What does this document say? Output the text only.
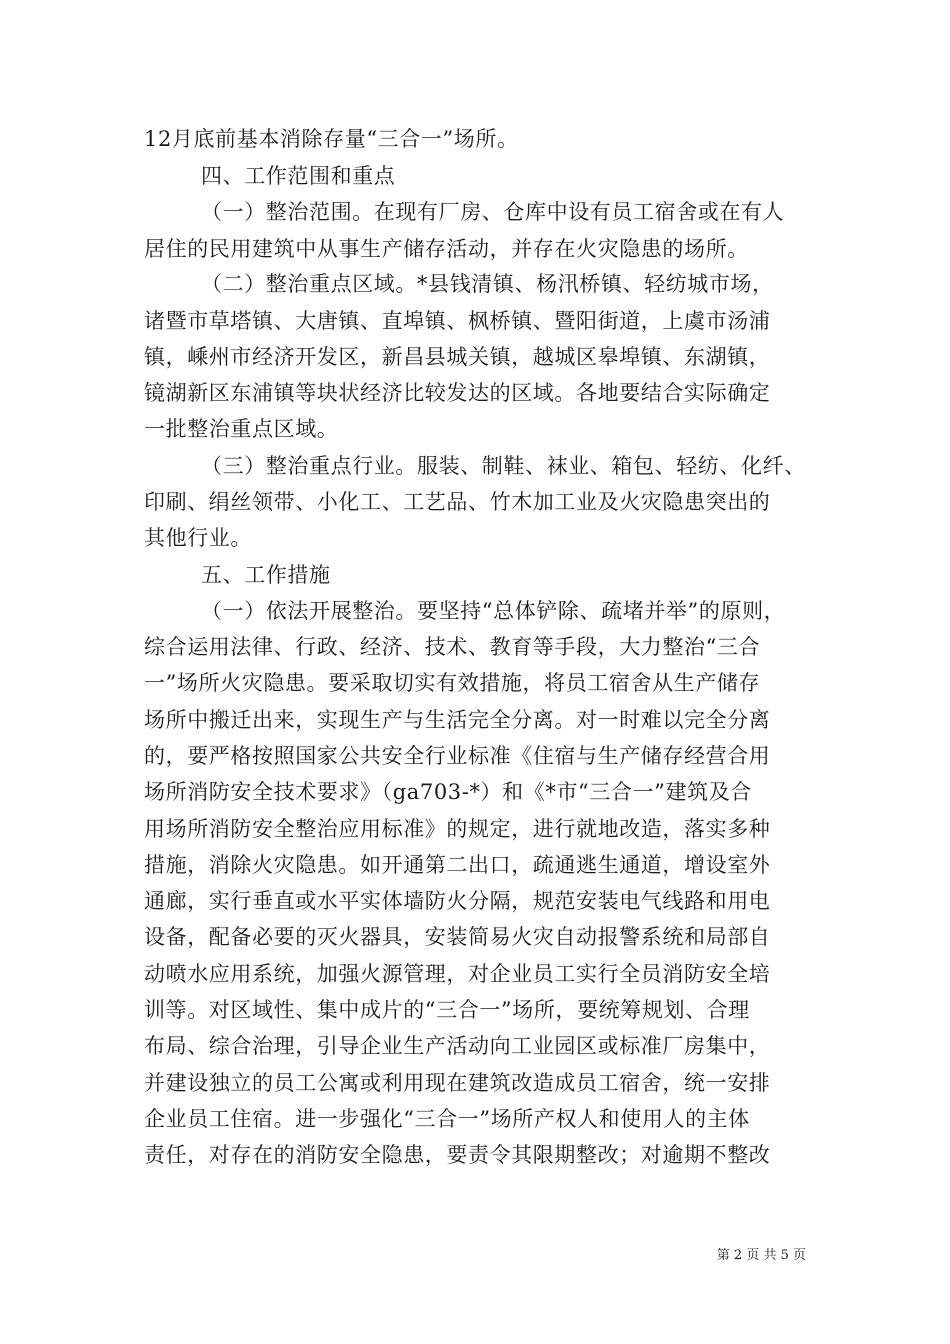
12月底前基本消除存量“三合一”场所。
四、工作范围和重点
（一）整治范围。在现有厂房、仓库中设有员工宿舍或在有人
居住的民用建筑中从事生产储存活动，并存在火灾隐患的场所。
（二）整治重点区域。*县钱清镇、杨汛桥镇、轻纺城市场，
诸暨市草塔镇、大唐镇、直埠镇、枫桥镇、暨阳街道，上虞市汤浦
镇，嵊州市经济开发区，新昌县城关镇，越城区皋埠镇、东湖镇，
镜湖新区东浦镇等块状经济比较发达的区域。各地要结合实际确定
一批整治重点区域。
（三）整治重点行业。服装、制鞋、袜业、箱包、轻纺、化纤、
印刷、绢丝领带、小化工、工艺品、竹木加工业及火灾隐患突出的
其他行业。
五、工作措施
（一）依法开展整治。要坚持“总体铲除、疏堵并举”的原则，
综合运用法律、行政、经济、技术、教育等手段，大力整治“三合
一”场所火灾隐患。要采取切实有效措施，将员工宿舍从生产储存
场所中搬迁出来，实现生产与生活完全分离。对一时难以完全分离
的，要严格按照国家公共安全行业标准《住宿与生产储存经营合用
场所消防安全技术要求》（ga703-*）和《*市“三合一”建筑及合
用场所消防安全整治应用标准》的规定，进行就地改造，落实多种
措施，消除火灾隐患。如开通第二出口，疏通逃生通道，增设室外
通廊，实行垂直或水平实体墙防火分隔，规范安装电气线路和用电
设备，配备必要的灭火器具，安装简易火灾自动报警系统和局部自
动喷水应用系统，加强火源管理，对企业员工实行全员消防安全培
训等。对区域性、集中成片的“三合一”场所，要统筹规划、合理
布局、综合治理，引导企业生产活动向工业园区或标准厂房集中，
并建设独立的员工公寓或利用现在建筑改造成员工宿舍，统一安排
企业员工住宿。进一步强化“三合一”场所产权人和使用人的主体
责任，对存在的消防安全隐患，要责令其限期整改；对逾期不整改
第 2 页 共 5 页
